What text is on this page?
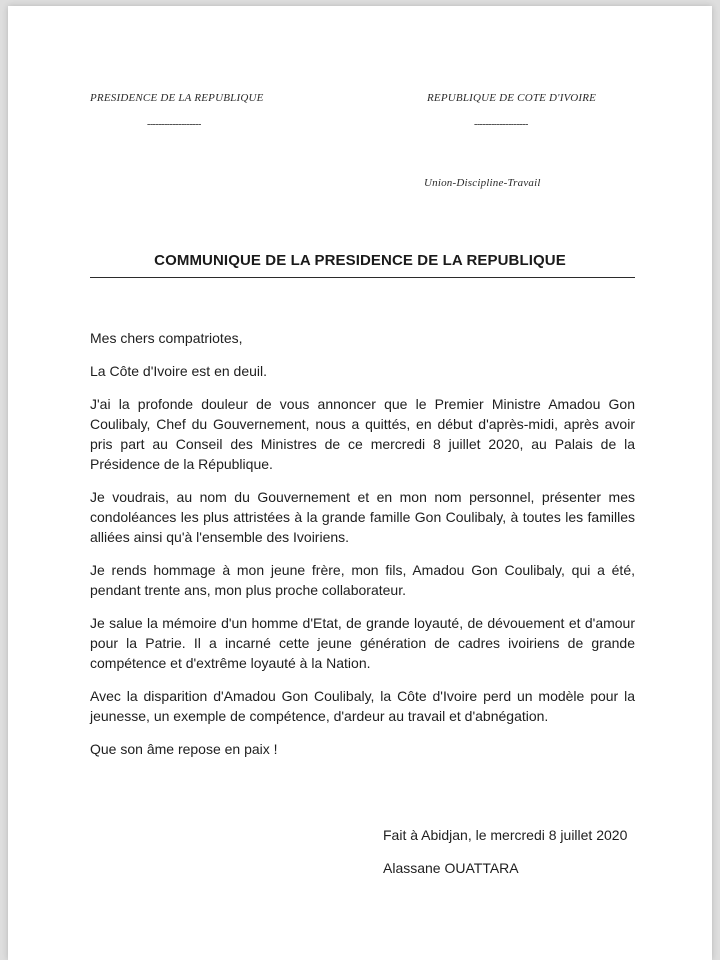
PRESIDENCE DE LA REPUBLIQUE
-------------------
REPUBLIQUE DE COTE D'IVOIRE
-------------------
Union-Discipline-Travail
COMMUNIQUE DE LA PRESIDENCE DE LA REPUBLIQUE

Mes chers compatriotes,

La Côte d'Ivoire est en deuil.

J'ai la profonde douleur de vous annoncer que le Premier Ministre Amadou Gon Coulibaly, Chef du Gouvernement, nous a quittés, en début d'après-midi, après avoir pris part au Conseil des Ministres de ce mercredi 8 juillet 2020, au Palais de la Présidence de la République.

Je voudrais, au nom du Gouvernement et en mon nom personnel, présenter mes condoléances les plus attristées à la grande famille Gon Coulibaly, à toutes les familles alliées ainsi qu'à l'ensemble des Ivoiriens.

Je rends hommage à mon jeune frère, mon fils, Amadou Gon Coulibaly, qui a été, pendant trente ans, mon plus proche collaborateur.

Je salue la mémoire d'un homme d'Etat, de grande loyauté, de dévouement et d'amour pour la Patrie. Il a incarné cette jeune génération de cadres ivoiriens de grande compétence et d'extrême loyauté à la Nation.

Avec la disparition d'Amadou Gon Coulibaly, la Côte d'Ivoire perd un modèle pour la jeunesse, un exemple de compétence, d'ardeur au travail et d'abnégation.

Que son âme repose en paix !

Fait à Abidjan, le mercredi 8 juillet 2020
Alassane OUATTARA
